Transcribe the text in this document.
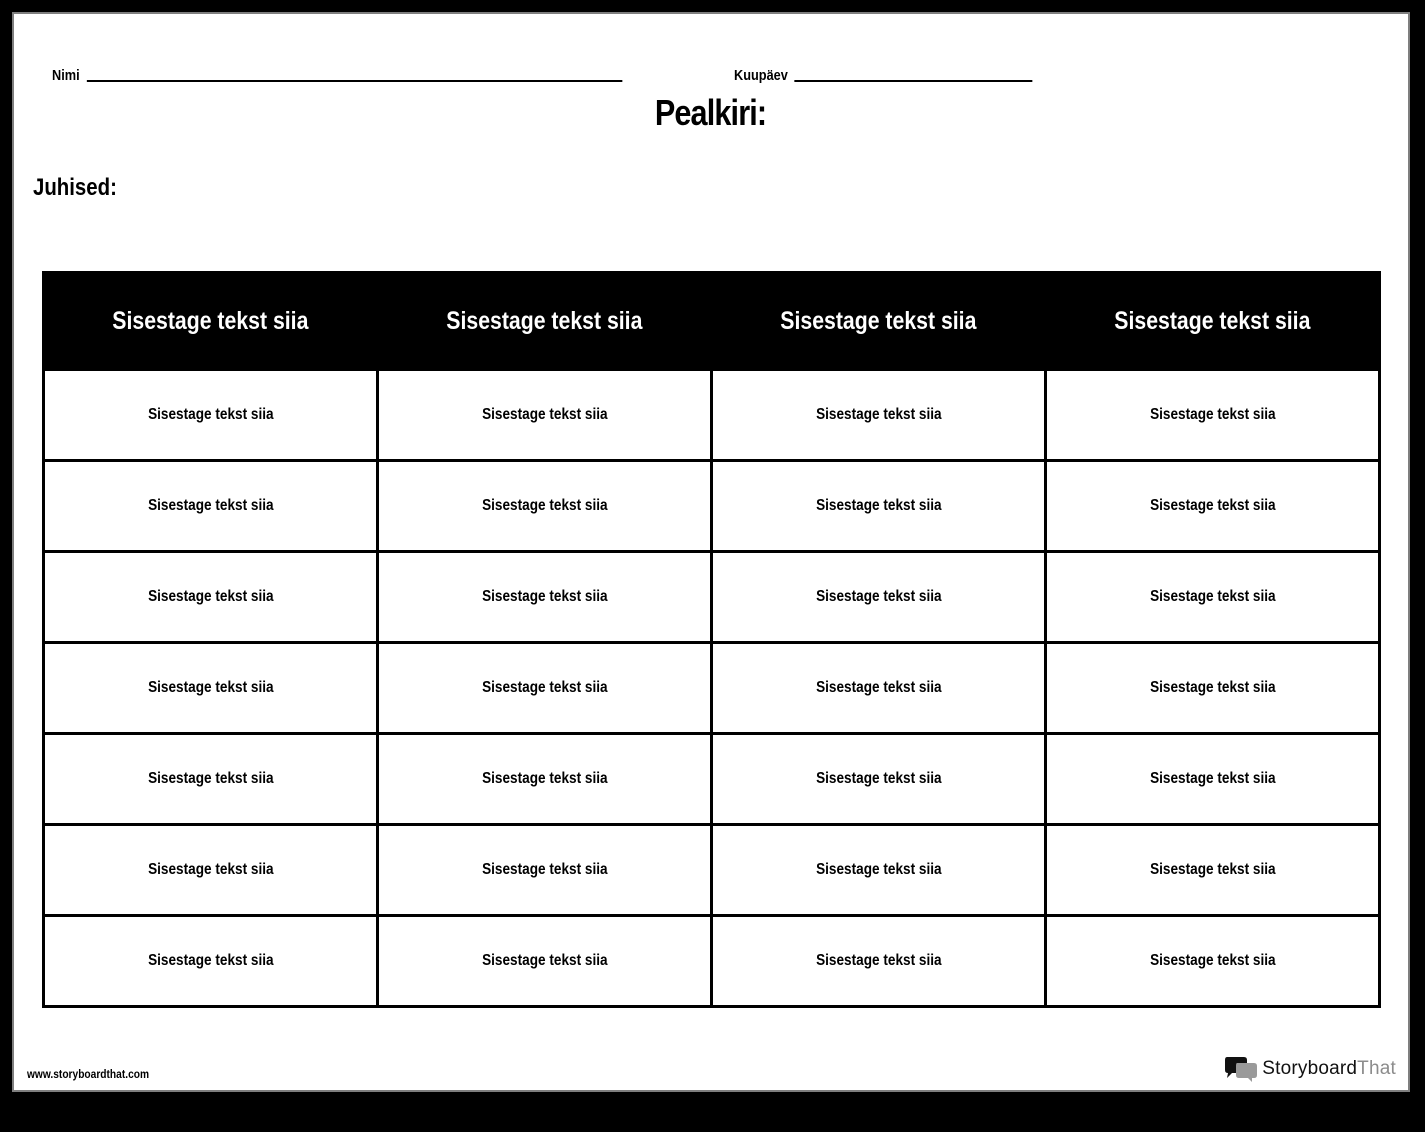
Nimi	Kuupäev
Pealkiri:
Juhised:
Sisestage tekst siia	Sisestage tekst siia	Sisestage tekst siia	Sisestage tekst siia
Sisestage tekst siia	Sisestage tekst siia	Sisestage tekst siia	Sisestage tekst siia
Sisestage tekst siia	Sisestage tekst siia	Sisestage tekst siia	Sisestage tekst siia
Sisestage tekst siia	Sisestage tekst siia	Sisestage tekst siia	Sisestage tekst siia
Sisestage tekst siia	Sisestage tekst siia	Sisestage tekst siia	Sisestage tekst siia
Sisestage tekst siia	Sisestage tekst siia	Sisestage tekst siia	Sisestage tekst siia
Sisestage tekst siia	Sisestage tekst siia	Sisestage tekst siia	Sisestage tekst siia
Sisestage tekst siia	Sisestage tekst siia	Sisestage tekst siia	Sisestage tekst siia
www.storyboardthat.com	StoryboardThat
